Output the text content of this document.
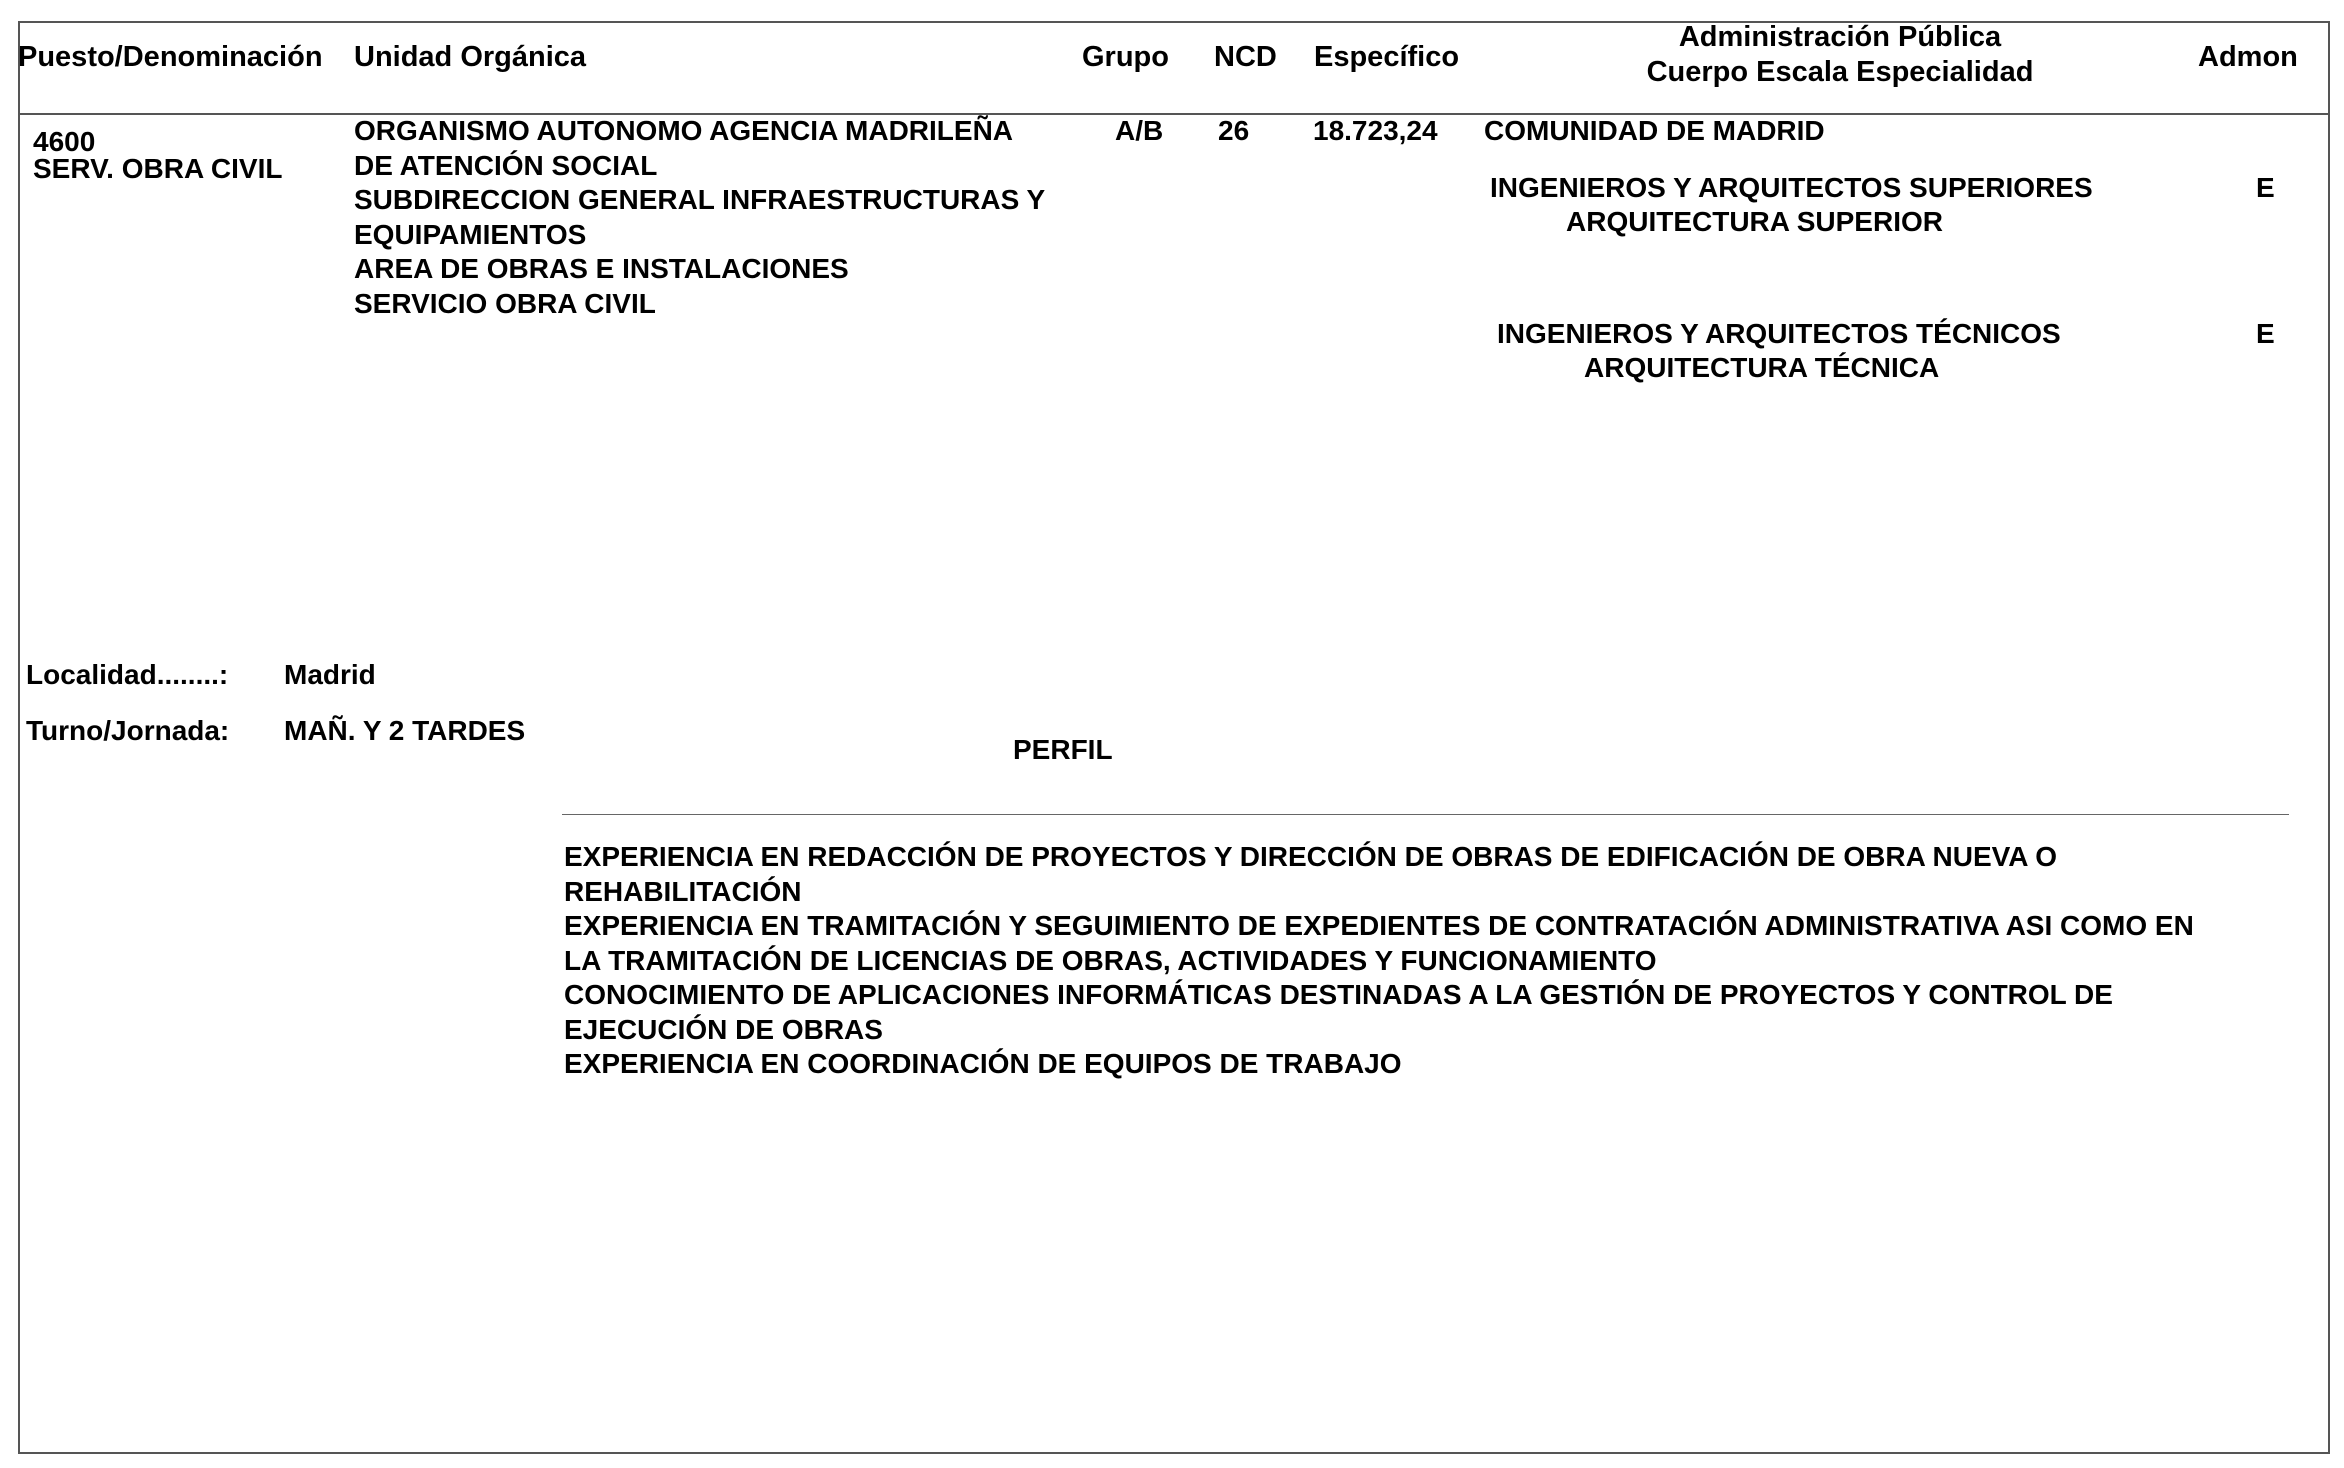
Puesto/Denominación Unidad Orgánica	Grupo NCD Específico
Administración Pública
Cuerpo Escala Especialidad	Admon
4600
SERV. OBRA CIVIL
ORGANISMO AUTONOMO AGENCIA MADRILEÑA
DE ATENCIÓN SOCIAL
SUBDIRECCION GENERAL INFRAESTRUCTURAS Y
EQUIPAMIENTOS
AREA DE OBRAS E INSTALACIONES
SERVICIO OBRA CIVIL
A/B 26 18.723,24 COMUNIDAD DE MADRID
INGENIEROS Y ARQUITECTOS SUPERIORES
ARQUITECTURA SUPERIOR
E
INGENIEROS Y ARQUITECTOS TÉCNICOS
ARQUITECTURA TÉCNICA
E
Localidad........: Madrid
Turno/Jornada: MAÑ. Y 2 TARDES
PERFIL
EXPERIENCIA EN REDACCIÓN DE PROYECTOS Y DIRECCIÓN DE OBRAS DE EDIFICACIÓN DE OBRA NUEVA O
REHABILITACIÓN
EXPERIENCIA EN TRAMITACIÓN Y SEGUIMIENTO DE EXPEDIENTES DE CONTRATACIÓN ADMINISTRATIVA ASI COMO EN
LA TRAMITACIÓN DE LICENCIAS DE OBRAS, ACTIVIDADES Y FUNCIONAMIENTO
CONOCIMIENTO DE APLICACIONES INFORMÁTICAS DESTINADAS A LA GESTIÓN DE PROYECTOS Y CONTROL DE
EJECUCIÓN DE OBRAS
EXPERIENCIA EN COORDINACIÓN DE EQUIPOS DE TRABAJO
